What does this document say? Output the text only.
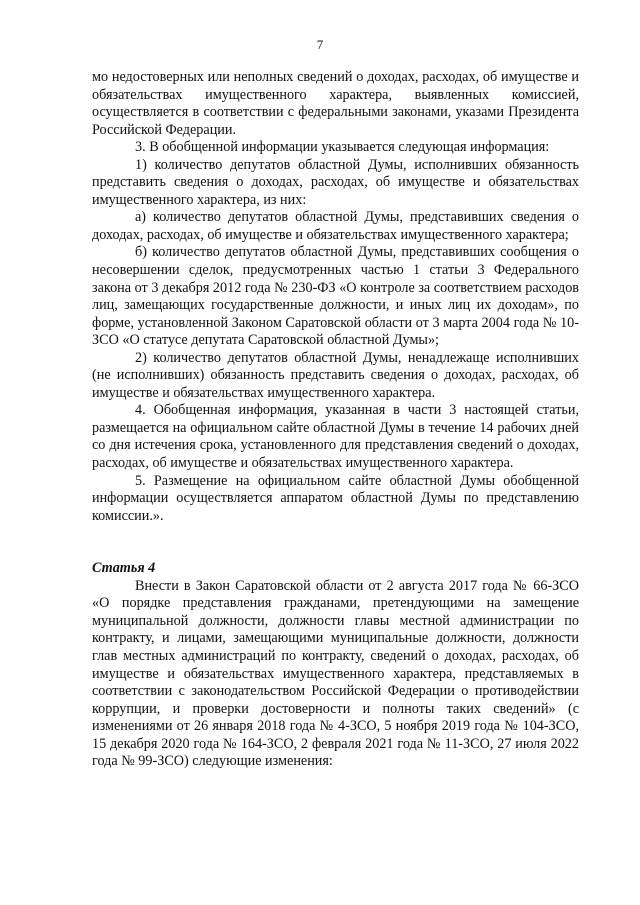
7

мо недостоверных или неполных сведений о доходах, расходах, об имуществе и обязательствах имущественного характера, выявленных комиссией, осуществляется в соответствии с федеральными законами, указами Президента Российской Федерации.

3. В обобщенной информации указывается следующая информация:

1) количество депутатов областной Думы, исполнивших обязанность представить сведения о доходах, расходах, об имуществе и обязательствах имущественного характера, из них:

а) количество депутатов областной Думы, представивших сведения о доходах, расходах, об имуществе и обязательствах имущественного характера;

б) количество депутатов областной Думы, представивших сообщения о несовершении сделок, предусмотренных частью 1 статьи 3 Федерального закона от 3 декабря 2012 года № 230-ФЗ «О контроле за соответствием расходов лиц, замещающих государственные должности, и иных лиц их доходам», по форме, установленной Законом Саратовской области от 3 марта 2004 года № 10-ЗСО «О статусе депутата Саратовской областной Думы»;

2) количество депутатов областной Думы, ненадлежаще исполнивших (не исполнивших) обязанность представить сведения о доходах, расходах, об имуществе и обязательствах имущественного характера.

4. Обобщенная информация, указанная в части 3 настоящей статьи, размещается на официальном сайте областной Думы в течение 14 рабочих дней со дня истечения срока, установленного для представления сведений о доходах, расходах, об имуществе и обязательствах имущественного характера.

5. Размещение на официальном сайте областной Думы обобщенной информации осуществляется аппаратом областной Думы по представлению комиссии.».

Статья 4

Внести в Закон Саратовской области от 2 августа 2017 года № 66-ЗСО «О порядке представления гражданами, претендующими на замещение муниципальной должности, должности главы местной администрации по контракту, и лицами, замещающими муниципальные должности, должности глав местных администраций по контракту, сведений о доходах, расходах, об имуществе и обязательствах имущественного характера, представляемых в соответствии с законодательством Российской Федерации о противодействии коррупции, и проверки достоверности и полноты таких сведений» (с изменениями от 26 января 2018 года № 4-ЗСО, 5 ноября 2019 года № 104-ЗСО, 15 декабря 2020 года № 164-ЗСО, 2 февраля 2021 года № 11-ЗСО, 27 июля 2022 года № 99-ЗСО) следующие изменения:
